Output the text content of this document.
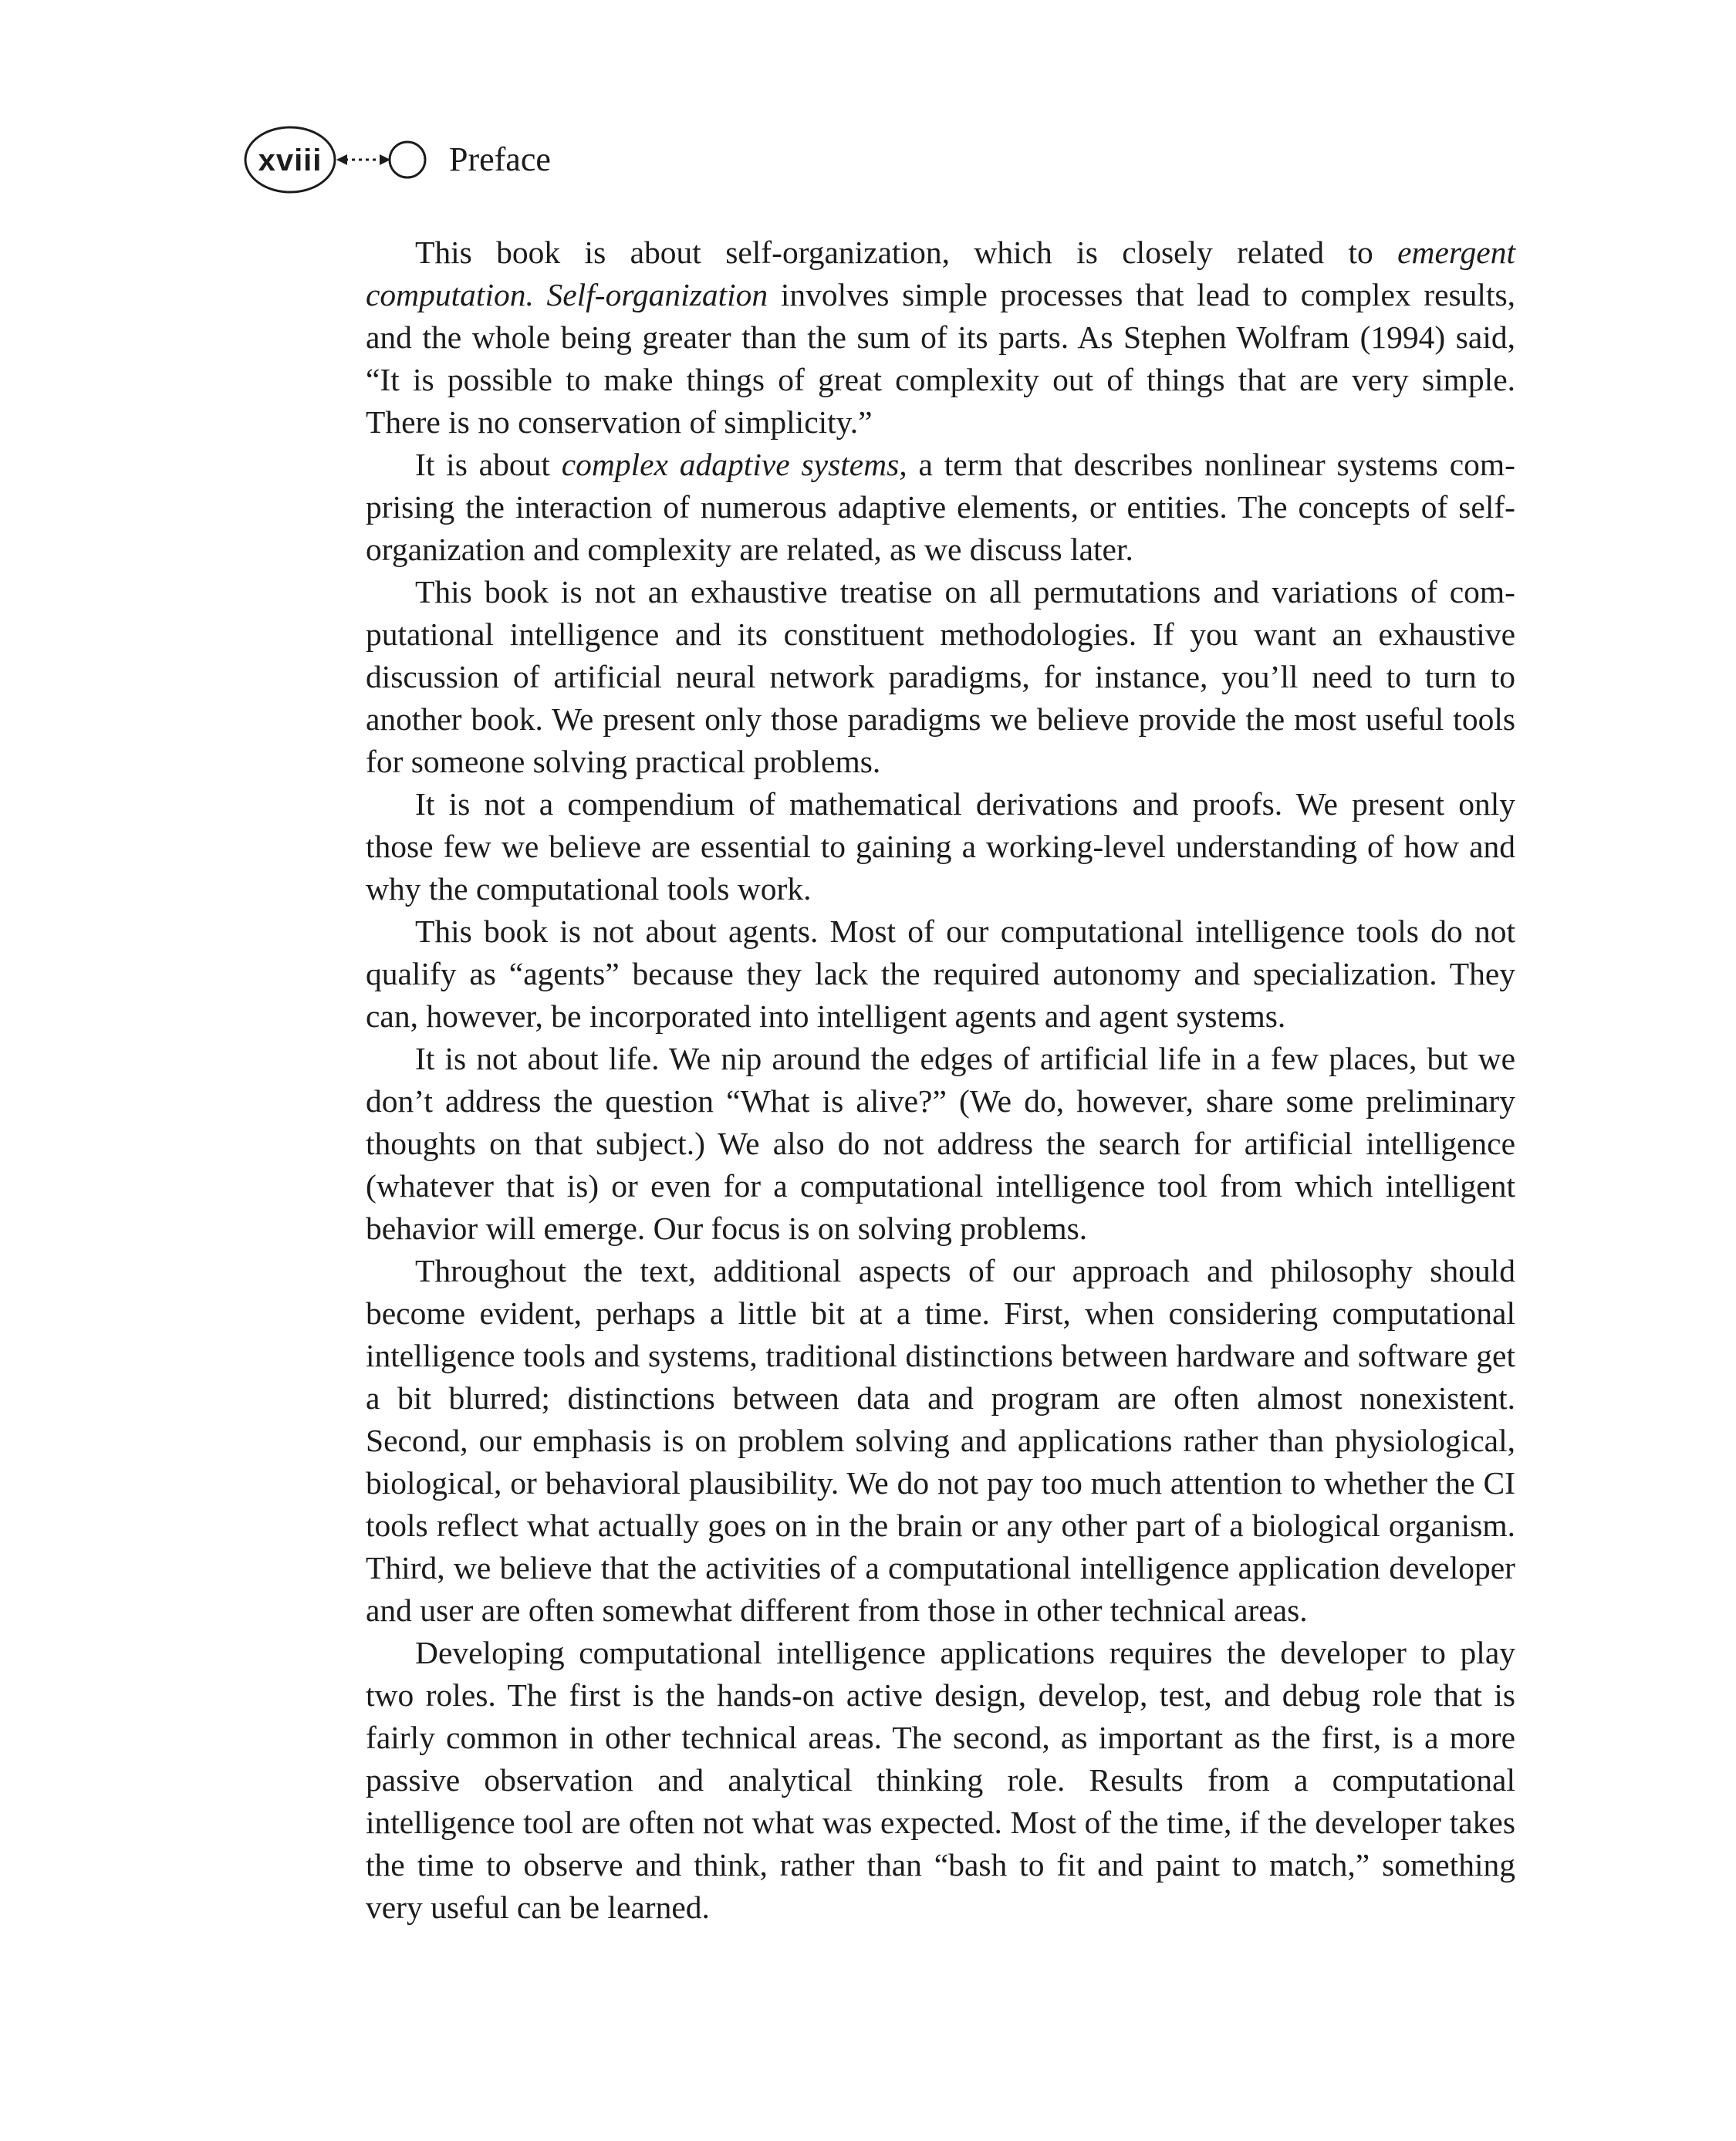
xviii	Preface

This book is about self-organization, which is closely related to emergent computation. Self-organization involves simple processes that lead to complex results, and the whole being greater than the sum of its parts. As Stephen Wolfram (1994) said, “It is possible to make things of great complexity out of things that are very simple. There is no conservation of simplicity.”

It is about complex adaptive systems, a term that describes nonlinear systems comprising the interaction of numerous adaptive elements, or entities. The concepts of self-organization and complexity are related, as we discuss later.

This book is not an exhaustive treatise on all permutations and variations of computational intelligence and its constituent methodologies. If you want an exhaustive discussion of artificial neural network paradigms, for instance, you’ll need to turn to another book. We present only those paradigms we believe provide the most useful tools for someone solving practical problems.

It is not a compendium of mathematical derivations and proofs. We present only those few we believe are essential to gaining a working-level understanding of how and why the computational tools work.

This book is not about agents. Most of our computational intelligence tools do not qualify as “agents” because they lack the required autonomy and specialization. They can, however, be incorporated into intelligent agents and agent systems.

It is not about life. We nip around the edges of artificial life in a few places, but we don’t address the question “What is alive?” (We do, however, share some preliminary thoughts on that subject.) We also do not address the search for artificial intelligence (whatever that is) or even for a computational intelligence tool from which intelligent behavior will emerge. Our focus is on solving problems.

Throughout the text, additional aspects of our approach and philosophy should become evident, perhaps a little bit at a time. First, when considering computational intelligence tools and systems, traditional distinctions between hardware and software get a bit blurred; distinctions between data and program are often almost nonexistent. Second, our emphasis is on problem solving and applications rather than physiological, biological, or behavioral plausibility. We do not pay too much attention to whether the CI tools reflect what actually goes on in the brain or any other part of a biological organism. Third, we believe that the activities of a computational intelligence application developer and user are often somewhat different from those in other technical areas.

Developing computational intelligence applications requires the developer to play two roles. The first is the hands-on active design, develop, test, and debug role that is fairly common in other technical areas. The second, as important as the first, is a more passive observation and analytical thinking role. Results from a computational intelligence tool are often not what was expected. Most of the time, if the developer takes the time to observe and think, rather than “bash to fit and paint to match,” something very useful can be learned.
